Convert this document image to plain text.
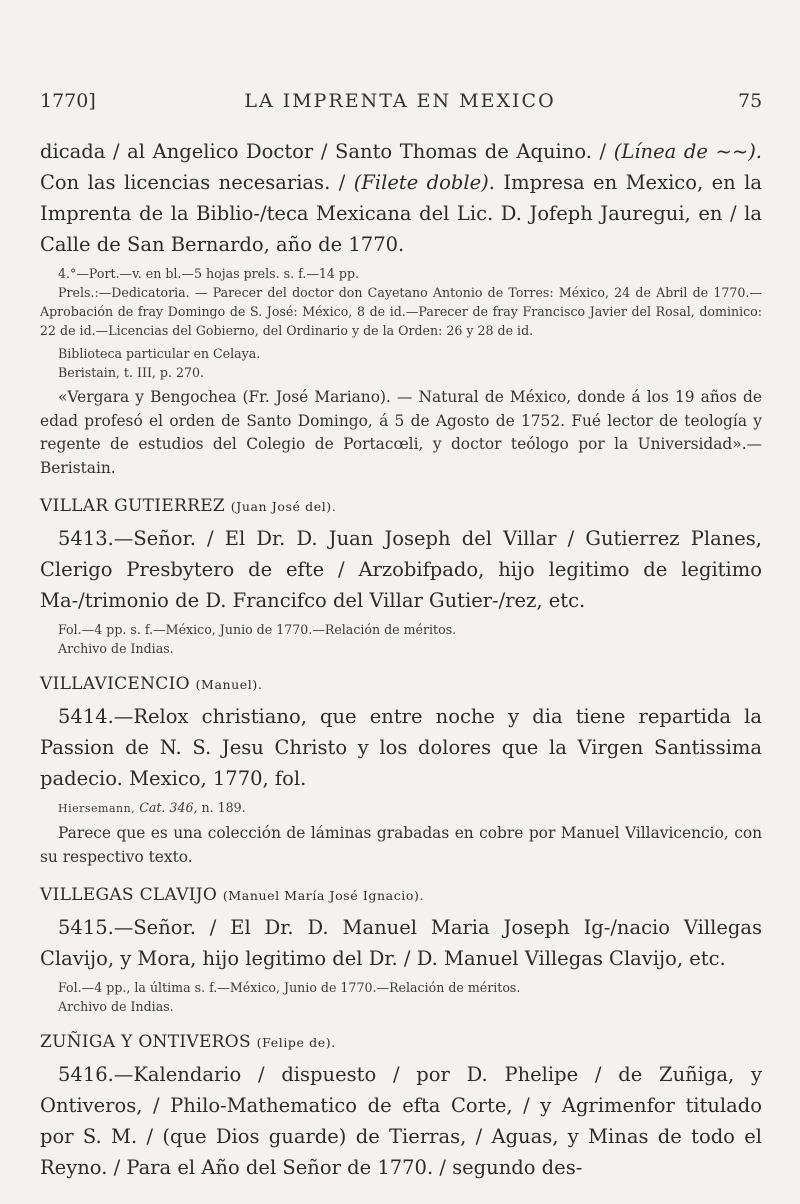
1770]	LA IMPRENTA EN MEXICO	75

dicada / al Angelico Doctor / Santo Thomas de Aquino. / (Línea de ~~). Con las licencias necesarias. / (Filete doble). Impresa en Mexico, en la Imprenta de la Biblio-/teca Mexicana del Lic. D. Jofeph Jauregui, en / la Calle de San Bernardo, año de 1770.

4.°—Port.—v. en bl.—5 hojas prels. s. f.—14 pp.

Prels.:—Dedicatoria. — Parecer del doctor don Cayetano Antonio de Torres: México, 24 de Abril de 1770.—Aprobación de fray Domingo de S. José: México, 8 de id.—Parecer de fray Francisco Javier del Rosal, dominico: 22 de id.—Licencias del Gobierno, del Ordinario y de la Orden: 26 y 28 de id.

Biblioteca particular en Celaya.

Beristain, t. III, p. 270.

«Vergara y Bengochea (Fr. José Mariano). — Natural de México, donde á los 19 años de edad profesó el orden de Santo Domingo, á 5 de Agosto de 1752. Fué lector de teología y regente de estudios del Colegio de Portacœli, y doctor teólogo por la Universidad».—Beristain.

VILLAR GUTIERREZ (Juan José del).

5413.—Señor. / El Dr. D. Juan Joseph del Villar / Gutierrez Planes, Clerigo Presbytero de efte / Arzobifpado, hijo legitimo de legitimo Ma-/trimonio de D. Francifco del Villar Gutier-/rez, etc.

Fol.—4 pp. s. f.—México, Junio de 1770.—Relación de méritos.

Archivo de Indias.

VILLAVICENCIO (Manuel).

5414.—Relox christiano, que entre noche y dia tiene repartida la Passion de N. S. Jesu Christo y los dolores que la Virgen Santissima padecio. Mexico, 1770, fol.

Hiersemann, Cat. 346, n. 189.

Parece que es una colección de láminas grabadas en cobre por Manuel Villavicencio, con su respectivo texto.

VILLEGAS CLAVIJO (Manuel María José Ignacio).

5415.—Señor. / El Dr. D. Manuel Maria Joseph Ig-/nacio Villegas Clavijo, y Mora, hijo legitimo del Dr. / D. Manuel Villegas Clavijo, etc.

Fol.—4 pp., la última s. f.—México, Junio de 1770.—Relación de méritos.

Archivo de Indias.

ZUÑIGA Y ONTIVEROS (Felipe de).

5416.—Kalendario / dispuesto / por D. Phelipe / de Zuñiga, y Ontiveros, / Philo-Mathematico de efta Corte, / y Agrimenfor titulado por S. M. / (que Dios guarde) de Tierras, / Aguas, y Minas de todo el Reyno. / Para el Año del Señor de 1770. / segundo des-
